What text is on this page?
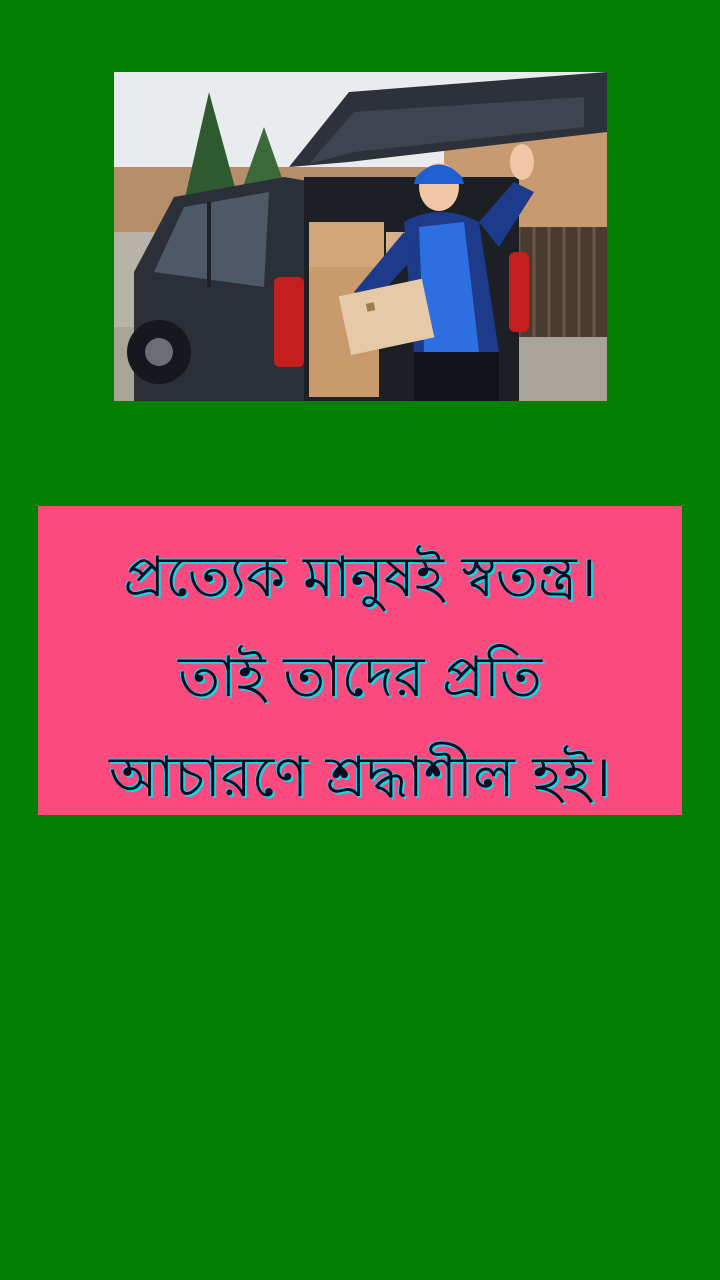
প্রত্যেক মানুষই স্বতন্ত্র।
তাই তাদের প্রতি
আচারণে শ্রদ্ধাশীল হই।
